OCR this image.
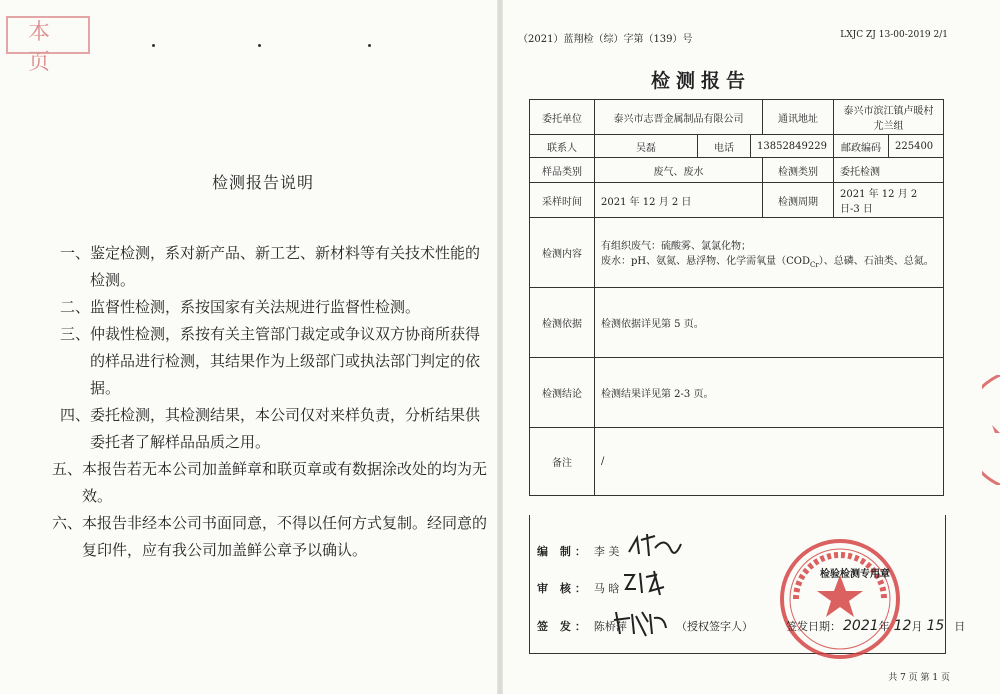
本 页
检测报告说明
一、 鉴定检测，系对新产品、新工艺、新材料等有关技术性能的检测。
二、 监督性检测，系按国家有关法规进行监督性检测。
三、 仲裁性检测，系按有关主管部门裁定或争议双方协商所获得的样品进行检测，其结果作为上级部门或执法部门判定的依据。
四、 委托检测，其检测结果，本公司仅对来样负责，分析结果供委托者了解样品品质之用。
五、 本报告若无本公司加盖鲜章和联页章或有数据涂改处的均为无效。
六、 本报告非经本公司书面同意，不得以任何方式复制。经同意的复印件，应有我公司加盖鲜公章予以确认。
（2021）蓝翔检（综）字第（139）号	LXJC ZJ 13-00-2019 2/1
检测报告
委托单位	泰兴市志晋金属制品有限公司			通讯地址	泰兴市滨江镇卢暖村尤兰组	
联系人	吴磊	电话	13852849229		邮政编码	225400
样品类别	废气、废水			检测类别	委托检测	
采样时间	2021 年 12 月 2 日			检测周期	2021 年 12 月 2 日-3 日	
检测内容	有组织废气：硫酸雾、氯氯化物；
废水：pH、氨氮、悬浮物、化学需氧量$(COD_{Cr})$、总磷、石油类、总氮。					

检测依据	检测依据详见第 5 页。					
检测结论	检测结果详见第 2-3 页。					
备注	/					
编 制： 李 美
审 核： 马 晗
签 发： 陈桥萍	（授权签字人）
检验检测专用章
签发日期： 2021年 12月 15 日
共 7 页 第 1 页
